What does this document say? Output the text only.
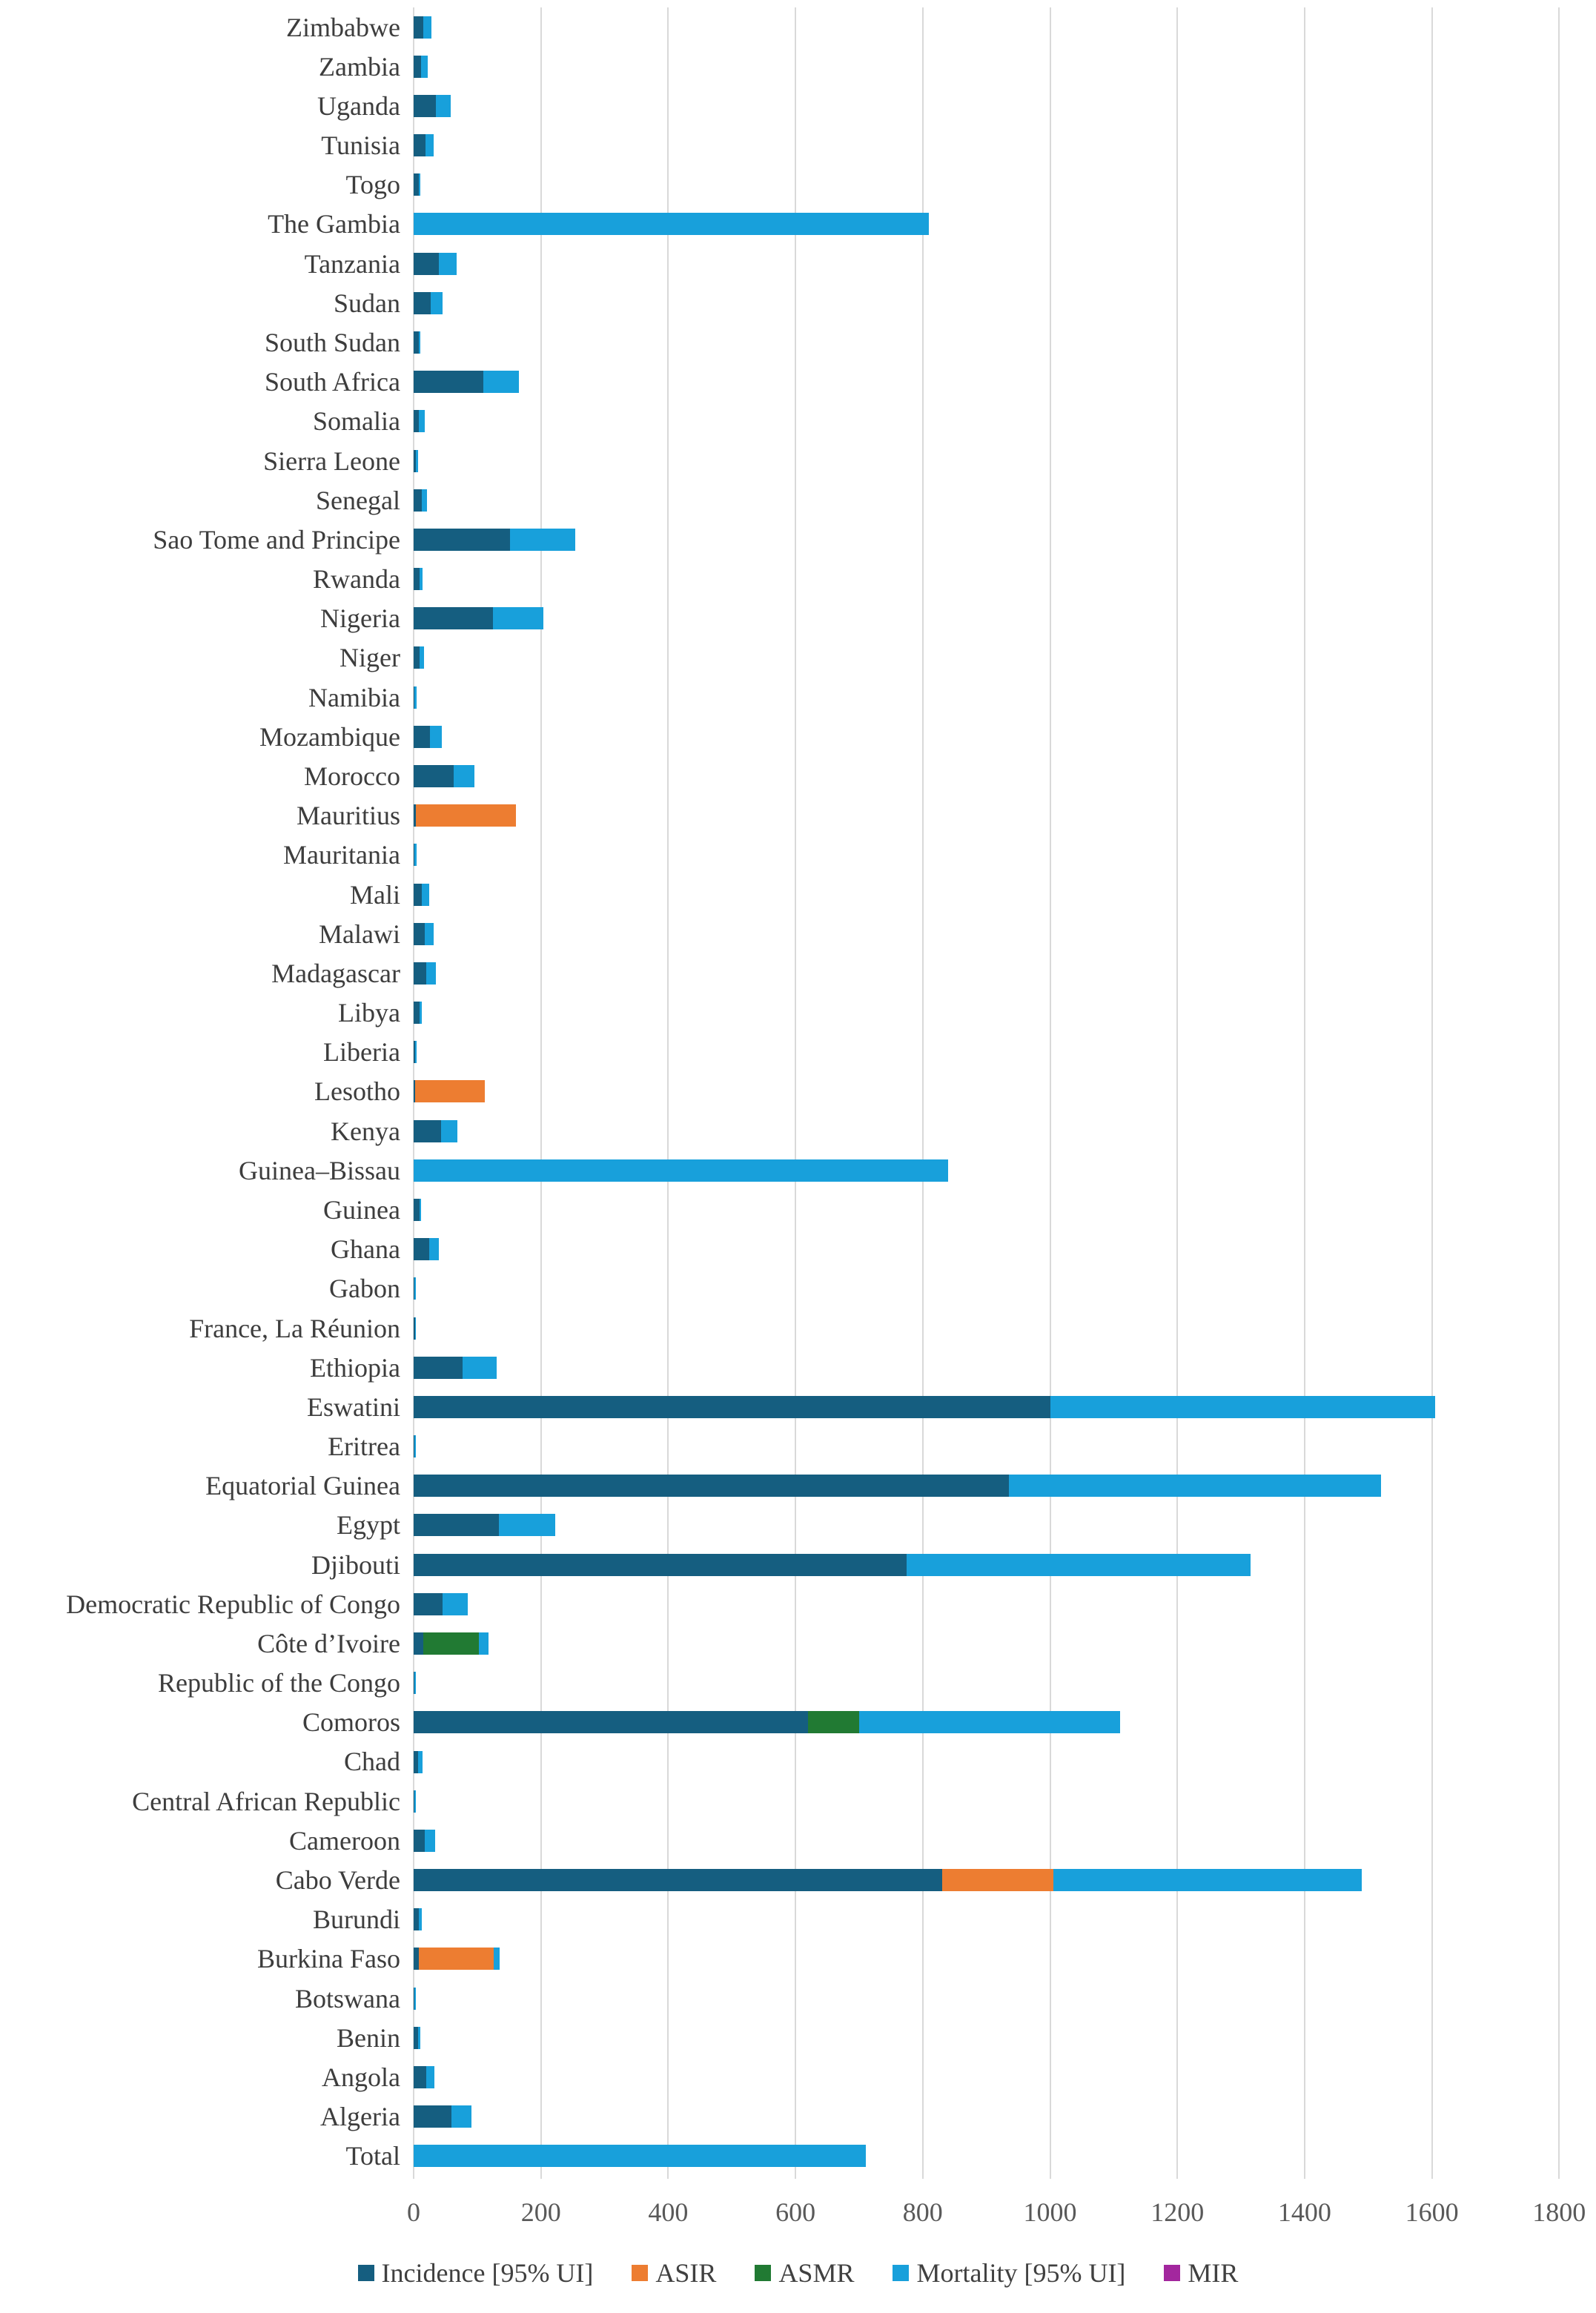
Zimbabwe
Zambia
Uganda
Tunisia
Togo
The Gambia
Tanzania
Sudan
South Sudan
South Africa
Somalia
Sierra Leone
Senegal
Sao Tome and Principe
Rwanda
Nigeria
Niger
Namibia
Mozambique
Morocco
Mauritius
Mauritania
Mali
Malawi
Madagascar
Libya
Liberia
Lesotho
Kenya
Guinea–Bissau
Guinea
Ghana
Gabon
France, La Réunion
Ethiopia
Eswatini
Eritrea
Equatorial Guinea
Egypt
Djibouti
Democratic Republic of Congo
Côte d’Ivoire
Republic of the Congo
Comoros
Chad
Central African Republic
Cameroon
Cabo Verde
Burundi
Burkina Faso
Botswana
Benin
Angola
Algeria
Total
0	200	400	600	800	1000	1200	1400	1600	1800
Incidence [95% UI] ASIR ASMR Mortality [95% UI] MIR
